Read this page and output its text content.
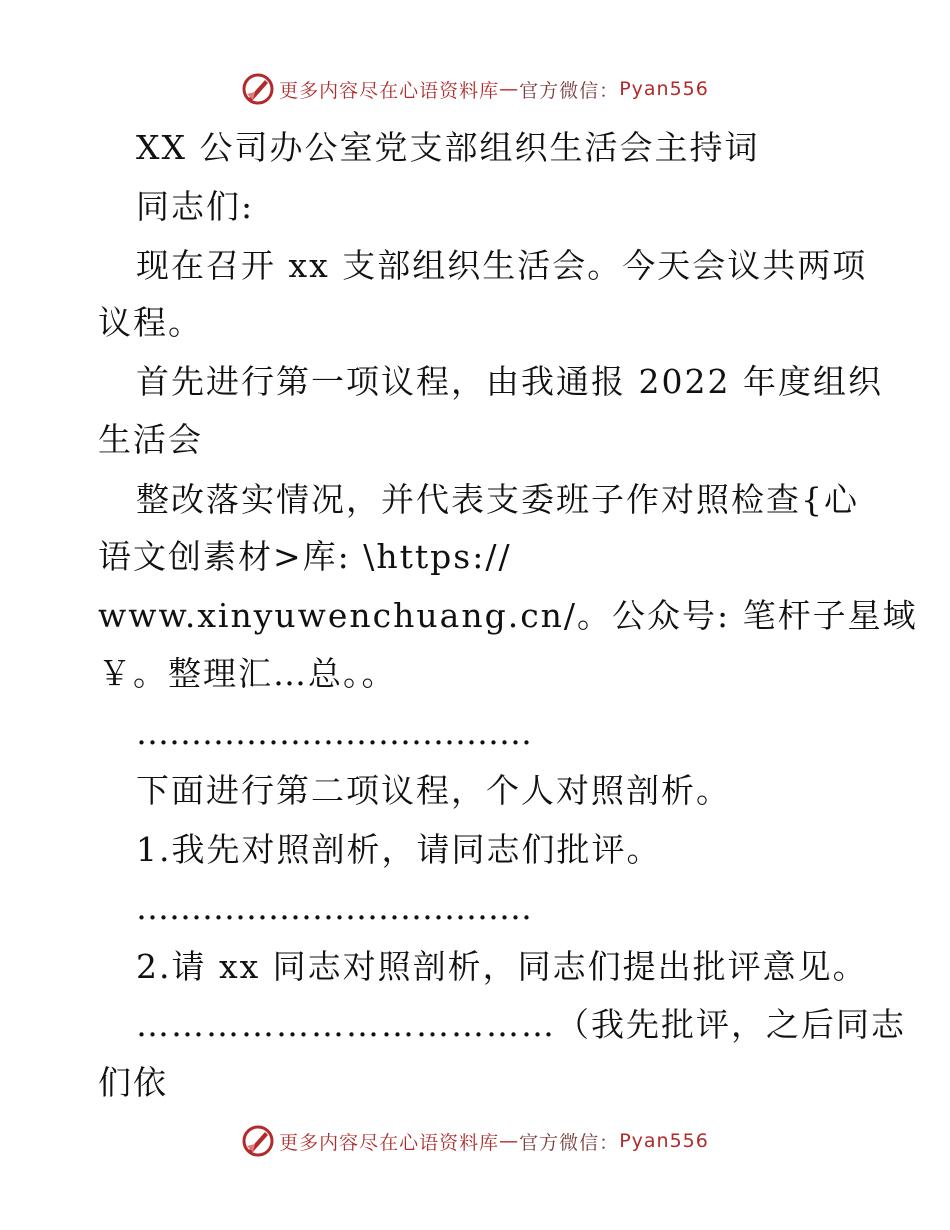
更多内容尽在心语资料库 — 官方微信： Pyan556
XX 公司办公室党支部组织生活会主持词
同志们:
现在召开 xx 支部组织生活会。今天会议共两项
议程。
首先进行第一项议程，由我通报 2022 年度组织
生活会
整改落实情况，并代表支委班子作对照检查{心
语文创素材>库: \https://
www.xinyuwenchuang.cn/。公众号: 笔杆子星域
￥。整理汇…总。。
………………………………
下面进行第二项议程，个人对照剖析。
1.我先对照剖析，请同志们批评。
………………………………
2.请 xx 同志对照剖析，同志们提出批评意见。
………………………………（我先批评，之后同志
们依
更多内容尽在心语资料库 — 官方微信： Pyan556
